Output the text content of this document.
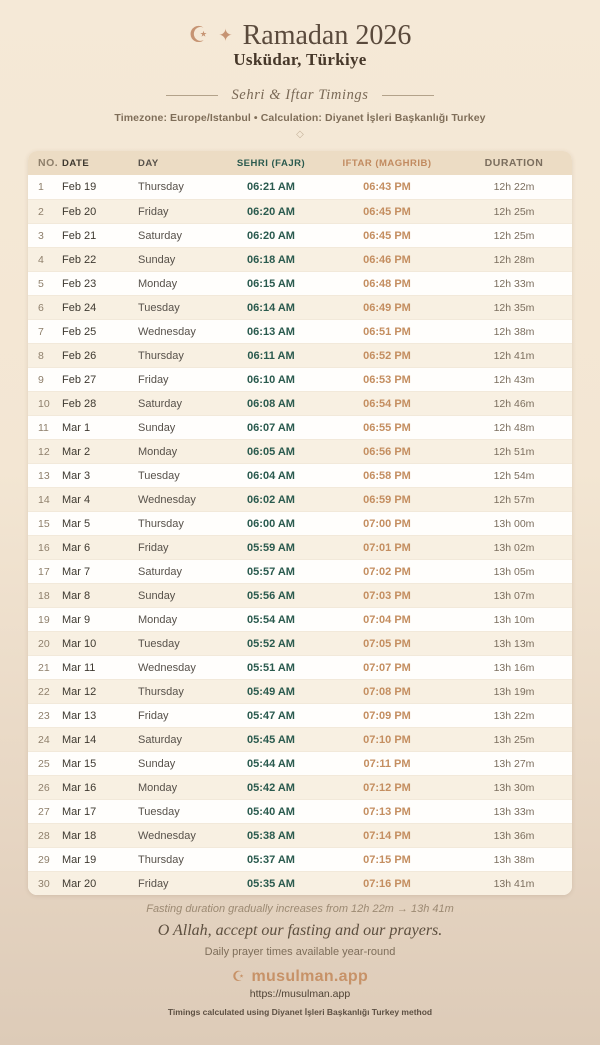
☪ ✦ Ramadan 2026
Usküdar, Türkiye
Sehri & Iftar Timings
Timezone: Europe/Istanbul • Calculation: Diyanet İşleri Başkanlığı Turkey
◇
NO. DATE	DAY	SEHRI (FAJR)	IFTAR (MAGHRIB)	DURATION
1	Feb 19	Thursday	06:21 AM	06:43 PM	12h 22m
2	Feb 20	Friday	06:20 AM	06:45 PM	12h 25m
3	Feb 21	Saturday	06:20 AM	06:45 PM	12h 25m
4	Feb 22	Sunday	06:18 AM	06:46 PM	12h 28m
5	Feb 23	Monday	06:15 AM	06:48 PM	12h 33m
6	Feb 24	Tuesday	06:14 AM	06:49 PM	12h 35m
7	Feb 25	Wednesday	06:13 AM	06:51 PM	12h 38m
8	Feb 26	Thursday	06:11 AM	06:52 PM	12h 41m
9	Feb 27	Friday	06:10 AM	06:53 PM	12h 43m
10	Feb 28	Saturday	06:08 AM	06:54 PM	12h 46m
11	Mar 1	Sunday	06:07 AM	06:55 PM	12h 48m
12	Mar 2	Monday	06:05 AM	06:56 PM	12h 51m
13	Mar 3	Tuesday	06:04 AM	06:58 PM	12h 54m
14	Mar 4	Wednesday	06:02 AM	06:59 PM	12h 57m
15	Mar 5	Thursday	06:00 AM	07:00 PM	13h 00m
16	Mar 6	Friday	05:59 AM	07:01 PM	13h 02m
17	Mar 7	Saturday	05:57 AM	07:02 PM	13h 05m
18	Mar 8	Sunday	05:56 AM	07:03 PM	13h 07m
19	Mar 9	Monday	05:54 AM	07:04 PM	13h 10m
20	Mar 10	Tuesday	05:52 AM	07:05 PM	13h 13m
21	Mar 11	Wednesday	05:51 AM	07:07 PM	13h 16m
22	Mar 12	Thursday	05:49 AM	07:08 PM	13h 19m
23	Mar 13	Friday	05:47 AM	07:09 PM	13h 22m
24	Mar 14	Saturday	05:45 AM	07:10 PM	13h 25m
25	Mar 15	Sunday	05:44 AM	07:11 PM	13h 27m
26	Mar 16	Monday	05:42 AM	07:12 PM	13h 30m
27	Mar 17	Tuesday	05:40 AM	07:13 PM	13h 33m
28	Mar 18	Wednesday	05:38 AM	07:14 PM	13h 36m
29	Mar 19	Thursday	05:37 AM	07:15 PM	13h 38m
30	Mar 20	Friday	05:35 AM	07:16 PM	13h 41m
Fasting duration gradually increases from 12h 22m → 13h 41m
O Allah, accept our fasting and our prayers.
Daily prayer times available year-round
☪ musulman.app
https://musulman.app
Timings calculated using Diyanet İşleri Başkanlığı Turkey method
